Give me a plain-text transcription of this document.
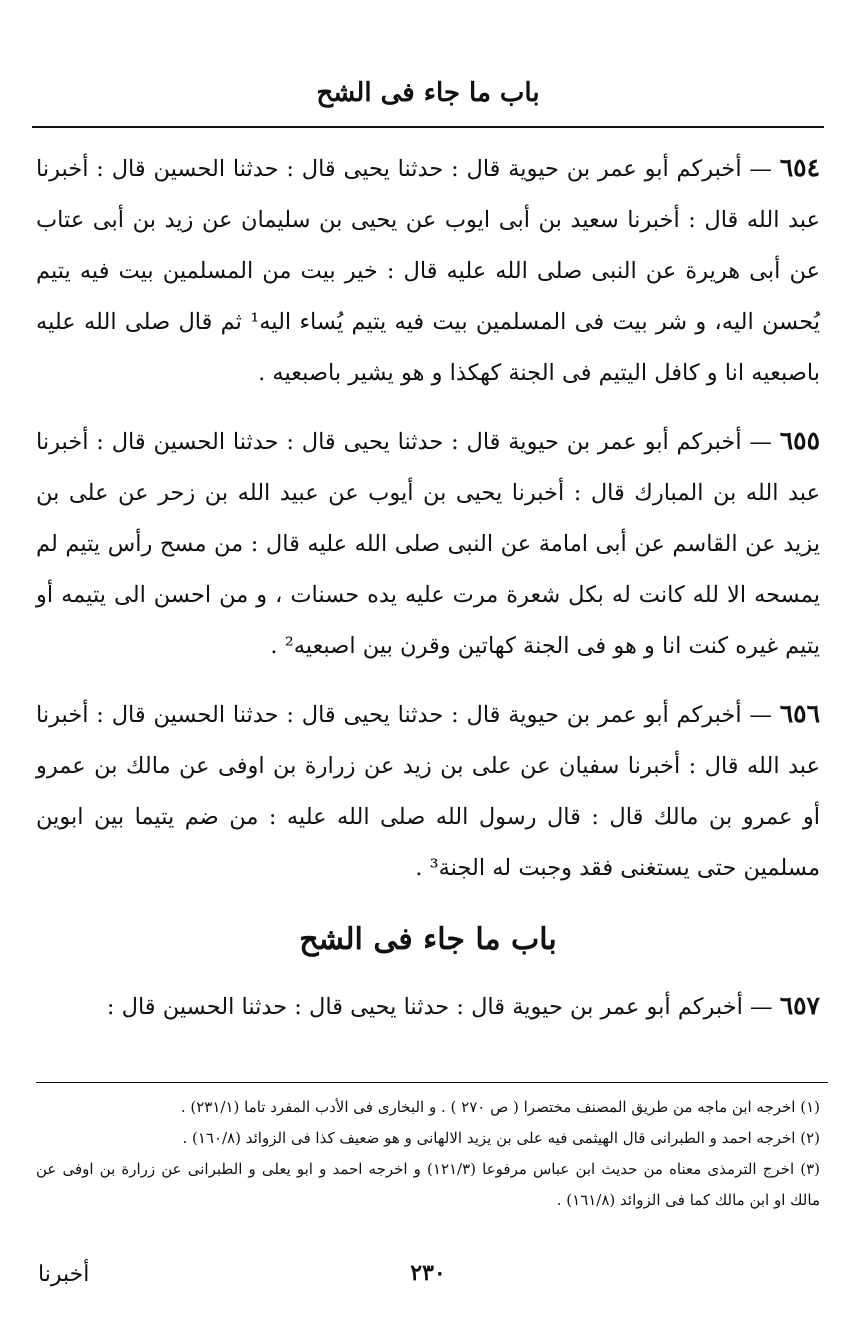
باب ما جاء فى الشح

٦٥٤ — أخبركم أبو عمر بن حيوية قال : حدثنا يحيى قال : حدثنا الحسين قال : أخبرنا عبد الله قال : أخبرنا سعيد بن أبى ايوب عن يحيى بن سليمان عن زيد بن أبى عتاب عن أبى هريرة عن النبى صلى الله عليه قال : خير بيت من المسلمين بيت فيه يتيم يُحسن اليه، و شر بيت فى المسلمين بيت فيه يتيم يُساء اليه¹ ثم قال صلى الله عليه باصبعيه انا و كافل اليتيم فى الجنة كهكذا و هو يشير باصبعيه .

٦٥٥ — أخبركم أبو عمر بن حيوية قال : حدثنا يحيى قال : حدثنا الحسين قال : أخبرنا عبد الله بن المبارك قال : أخبرنا يحيى بن أيوب عن عبيد الله بن زحر عن على بن يزيد عن القاسم عن أبى امامة عن النبى صلى الله عليه قال : من مسح رأس يتيم لم يمسحه الا لله كانت له بكل شعرة مرت عليه يده حسنات ، و من احسن الى يتيمه أو يتيم غيره كنت انا و هو فى الجنة كهاتين وقرن بين اصبعيه² .

٦٥٦ — أخبركم أبو عمر بن حيوية قال : حدثنا يحيى قال : حدثنا الحسين قال : أخبرنا عبد الله قال : أخبرنا سفيان عن على بن زيد عن زرارة بن اوفى عن مالك بن عمرو أو عمرو بن مالك قال : قال رسول الله صلى الله عليه : من ضم يتيما بين ابوين مسلمين حتى يستغنى فقد وجبت له الجنة³ .

باب ما جاء فى الشح

٦٥٧ — أخبركم أبو عمر بن حيوية قال : حدثنا يحيى قال : حدثنا الحسين قال :

(١) اخرجه ابن ماجه من طريق المصنف مختصرا ( ص ٢٧٠ ) . و البخارى فى الأدب المفرد تاما (٢٣١/١) .

(٢) اخرجه احمد و الطبرانى قال الهيثمى فيه على بن يزيد الالهانى و هو ضعيف كذا فى الزوائد (١٦٠/٨) .

(٣) اخرج الترمذى معناه من حديث ابن عباس مرفوعا (١٢١/٣) و اخرجه احمد و ابو يعلى و الطبرانى عن زرارة بن اوفى عن مالك او ابن مالك كما فى الزوائد (١٦١/٨) .

٢٣٠
أخبرنا
